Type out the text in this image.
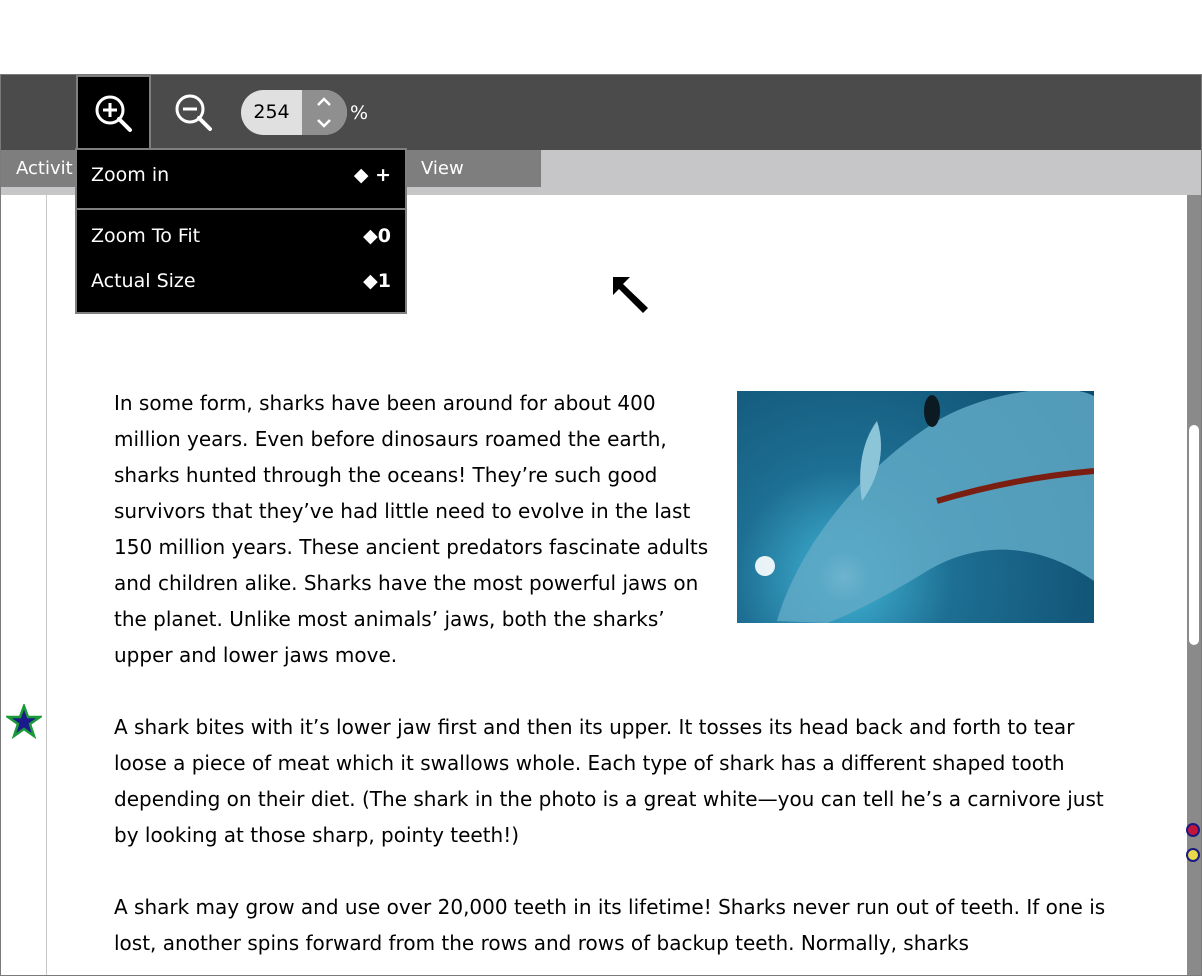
254	%
Activit	View

In some form, sharks have been around for about 400 million years. Even before dinosaurs roamed the earth, sharks hunted through the oceans! They’re such good survivors that they’ve had little need to evolve in the last 150 million years. These ancient predators fascinate adults and children alike. Sharks have the most powerful jaws on the planet. Unlike most animals’ jaws, both the sharks’ upper and lower jaws move.

A shark bites with it’s lower jaw first and then its upper. It tosses its head back and forth to tear loose a piece of meat which it swallows whole. Each type of shark has a different shaped tooth depending on their diet. (The shark in the photo is a great white—you can tell he’s a carnivore just by looking at those sharp, pointy teeth!)

A shark may grow and use over 20,000 teeth in its lifetime! Sharks never run out of teeth. If one is lost, another spins forward from the rows and rows of backup teeth. Normally, sharks

Zoom in	◆ +
Zoom To Fit	◆0
Actual Size	◆1
